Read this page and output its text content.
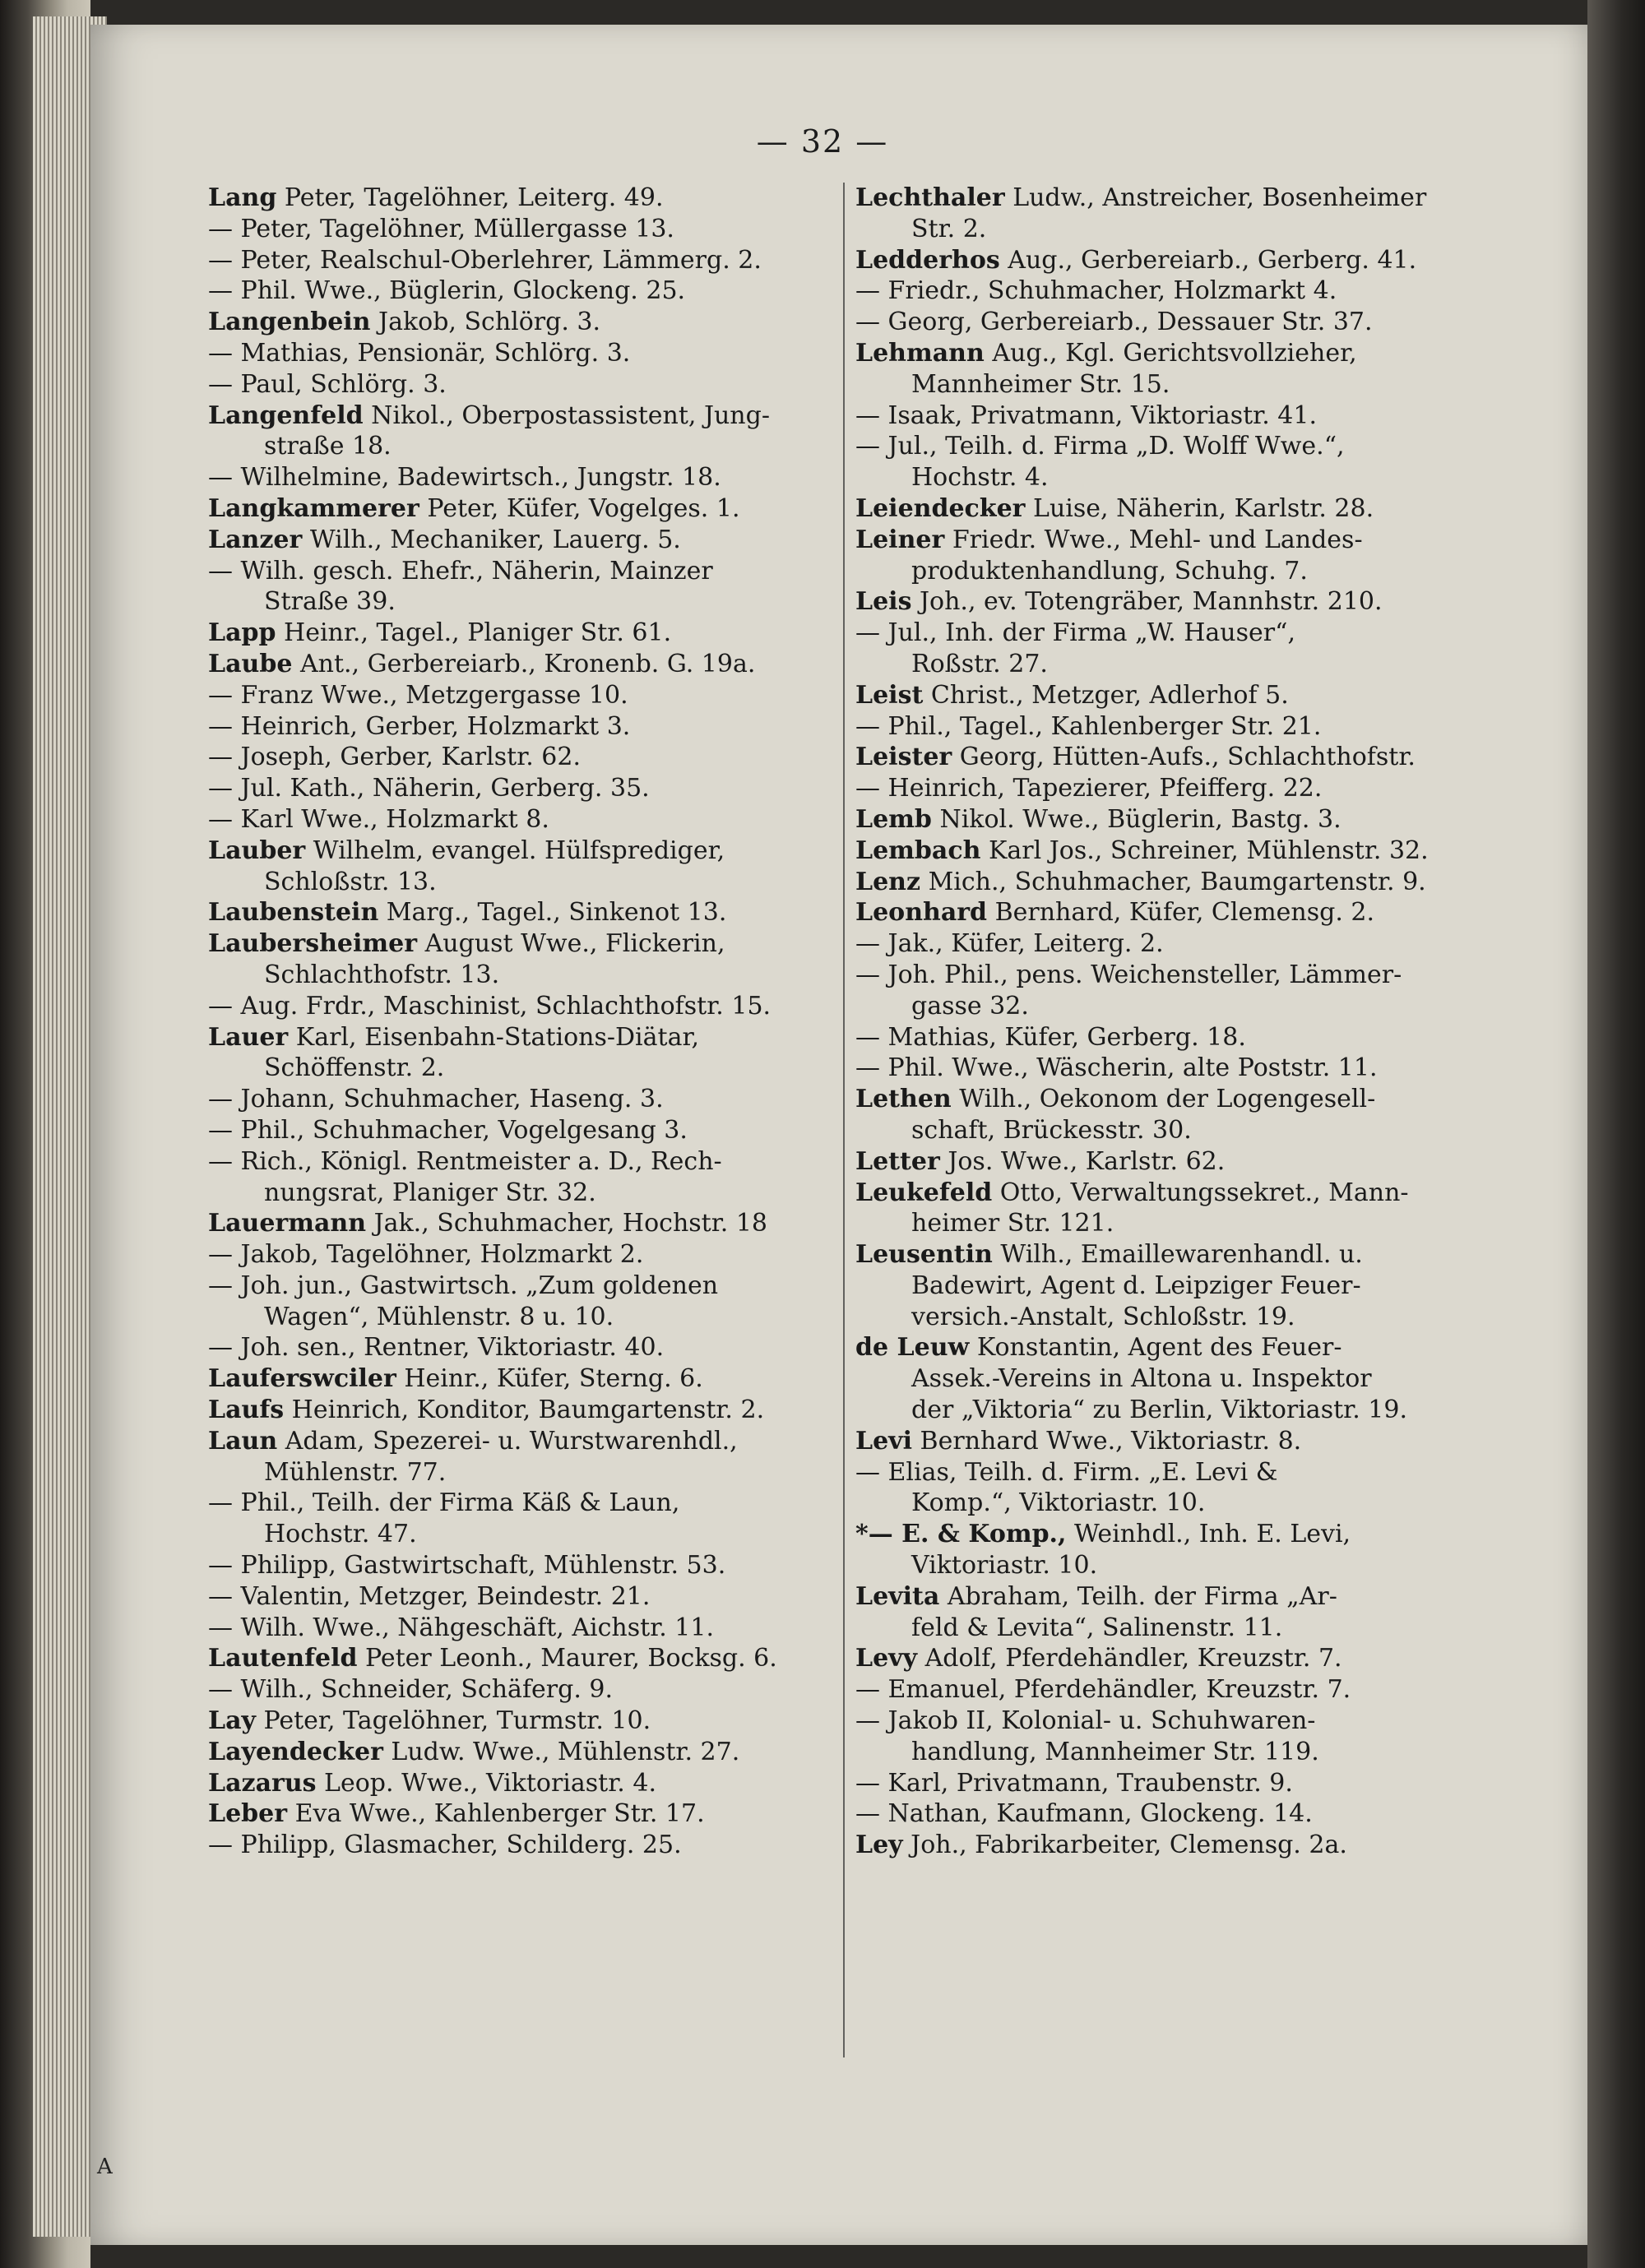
— 32 —
Lang Peter, Tagelöhner, Leiterg. 49.
— Peter, Tagelöhner, Müllergasse 13.
— Peter, Realschul-Oberlehrer, Lämmerg. 2.
— Phil. Wwe., Büglerin, Glockeng. 25.
Langenbein Jakob, Schlörg. 3.
— Mathias, Pensionär, Schlörg. 3.
— Paul, Schlörg. 3.
Langenfeld Nikol., Oberpostassistent, Jung-
straße 18.
— Wilhelmine, Badewirtsch., Jungstr. 18.
Langkammerer Peter, Küfer, Vogelges. 1.
Lanzer Wilh., Mechaniker, Lauerg. 5.
— Wilh. gesch. Ehefr., Näherin, Mainzer
Straße 39.
Lapp Heinr., Tagel., Planiger Str. 61.
Laube Ant., Gerbereiarb., Kronenb. G. 19a.
— Franz Wwe., Metzgergasse 10.
— Heinrich, Gerber, Holzmarkt 3.
— Joseph, Gerber, Karlstr. 62.
— Jul. Kath., Näherin, Gerberg. 35.
— Karl Wwe., Holzmarkt 8.
Lauber Wilhelm, evangel. Hülfsprediger,
Schloßstr. 13.
Laubenstein Marg., Tagel., Sinkenot 13.
Laubersheimer August Wwe., Flickerin,
Schlachthofstr. 13.
— Aug. Frdr., Maschinist, Schlachthofstr. 15.
Lauer Karl, Eisenbahn-Stations-Diätar,
Schöffenstr. 2.
— Johann, Schuhmacher, Haseng. 3.
— Phil., Schuhmacher, Vogelgesang 3.
— Rich., Königl. Rentmeister a. D., Rech-
nungsrat, Planiger Str. 32.
Lauermann Jak., Schuhmacher, Hochstr. 18
— Jakob, Tagelöhner, Holzmarkt 2.
— Joh. jun., Gastwirtsch. „Zum goldenen
Wagen“, Mühlenstr. 8 u. 10.
— Joh. sen., Rentner, Viktoriastr. 40.
Lauferswciler Heinr., Küfer, Sterng. 6.
Laufs Heinrich, Konditor, Baumgartenstr. 2.
Laun Adam, Spezerei- u. Wurstwarenhdl.,
Mühlenstr. 77.
— Phil., Teilh. der Firma Käß & Laun,
Hochstr. 47.
— Philipp, Gastwirtschaft, Mühlenstr. 53.
— Valentin, Metzger, Beindestr. 21.
— Wilh. Wwe., Nähgeschäft, Aichstr. 11.
Lautenfeld Peter Leonh., Maurer, Bocksg. 6.
— Wilh., Schneider, Schäferg. 9.
Lay Peter, Tagelöhner, Turmstr. 10.
Layendecker Ludw. Wwe., Mühlenstr. 27.
Lazarus Leop. Wwe., Viktoriastr. 4.
Leber Eva Wwe., Kahlenberger Str. 17.
— Philipp, Glasmacher, Schilderg. 25.
Lechthaler Ludw., Anstreicher, Bosenheimer
Str. 2.
Ledderhos Aug., Gerbereiarb., Gerberg. 41.
— Friedr., Schuhmacher, Holzmarkt 4.
— Georg, Gerbereiarb., Dessauer Str. 37.
Lehmann Aug., Kgl. Gerichtsvollzieher,
Mannheimer Str. 15.
— Isaak, Privatmann, Viktoriastr. 41.
— Jul., Teilh. d. Firma „D. Wolff Wwe.“,
Hochstr. 4.
Leiendecker Luise, Näherin, Karlstr. 28.
Leiner Friedr. Wwe., Mehl- und Landes-
produktenhandlung, Schuhg. 7.
Leis Joh., ev. Totengräber, Mannhstr. 210.
— Jul., Inh. der Firma „W. Hauser“,
Roßstr. 27.
Leist Christ., Metzger, Adlerhof 5.
— Phil., Tagel., Kahlenberger Str. 21.
Leister Georg, Hütten-Aufs., Schlachthofstr.
— Heinrich, Tapezierer, Pfeifferg. 22.
Lemb Nikol. Wwe., Büglerin, Bastg. 3.
Lembach Karl Jos., Schreiner, Mühlenstr. 32.
Lenz Mich., Schuhmacher, Baumgartenstr. 9.
Leonhard Bernhard, Küfer, Clemensg. 2.
— Jak., Küfer, Leiterg. 2.
— Joh. Phil., pens. Weichensteller, Lämmer-
gasse 32.
— Mathias, Küfer, Gerberg. 18.
— Phil. Wwe., Wäscherin, alte Poststr. 11.
Lethen Wilh., Oekonom der Logengesell-
schaft, Brückesstr. 30.
Letter Jos. Wwe., Karlstr. 62.
Leukefeld Otto, Verwaltungssekret., Mann-
heimer Str. 121.
Leusentin Wilh., Emaillewarenhandl. u.
Badewirt, Agent d. Leipziger Feuer-
versich.-Anstalt, Schloßstr. 19.
de Leuw Konstantin, Agent des Feuer-
Assek.-Vereins in Altona u. Inspektor
der „Viktoria“ zu Berlin, Viktoriastr. 19.
Levi Bernhard Wwe., Viktoriastr. 8.
— Elias, Teilh. d. Firm. „E. Levi &
Komp.“, Viktoriastr. 10.
*— E. & Komp., Weinhdl., Inh. E. Levi,
Viktoriastr. 10.
Levita Abraham, Teilh. der Firma „Ar-
feld & Levita“, Salinenstr. 11.
Levy Adolf, Pferdehändler, Kreuzstr. 7.
— Emanuel, Pferdehändler, Kreuzstr. 7.
— Jakob II, Kolonial- u. Schuhwaren-
handlung, Mannheimer Str. 119.
— Karl, Privatmann, Traubenstr. 9.
— Nathan, Kaufmann, Glockeng. 14.
Ley Joh., Fabrikarbeiter, Clemensg. 2a.
A
